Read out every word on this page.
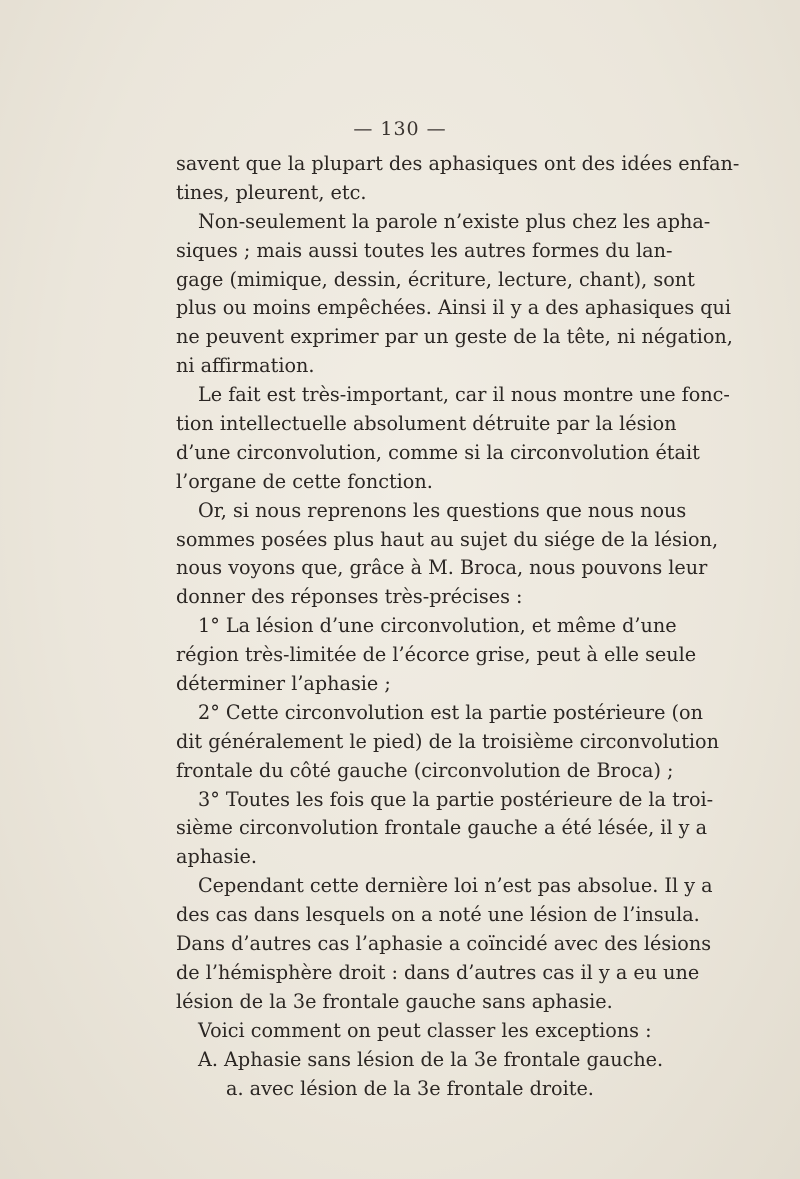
— 130 —
savent que la plupart des aphasiques ont des idées enfan-
tines, pleurent, etc.
Non-seulement la parole n’existe plus chez les apha-
siques ; mais aussi toutes les autres formes du lan-
gage (mimique, dessin, écriture, lecture, chant), sont
plus ou moins empêchées. Ainsi il y a des aphasiques qui
ne peuvent exprimer par un geste de la tête, ni négation,
ni affirmation.
Le fait est très-important, car il nous montre une fonc-
tion intellectuelle absolument détruite par la lésion
d’une circonvolution, comme si la circonvolution était
l’organe de cette fonction.
Or, si nous reprenons les questions que nous nous
sommes posées plus haut au sujet du siége de la lésion,
nous voyons que, grâce à M. Broca, nous pouvons leur
donner des réponses très-précises :
1° La lésion d’une circonvolution, et même d’une
région très-limitée de l’écorce grise, peut à elle seule
déterminer l’aphasie ;
2° Cette circonvolution est la partie postérieure (on
dit généralement le pied) de la troisième circonvolution
frontale du côté gauche (circonvolution de Broca) ;
3° Toutes les fois que la partie postérieure de la troi-
sième circonvolution frontale gauche a été lésée, il y a
aphasie.
Cependant cette dernière loi n’est pas absolue. Il y a
des cas dans lesquels on a noté une lésion de l’insula.
Dans d’autres cas l’aphasie a coïncidé avec des lésions
de l’hémisphère droit : dans d’autres cas il y a eu une
lésion de la 3e frontale gauche sans aphasie.
Voici comment on peut classer les exceptions :
A. Aphasie sans lésion de la 3e frontale gauche.
a. avec lésion de la 3e frontale droite.
